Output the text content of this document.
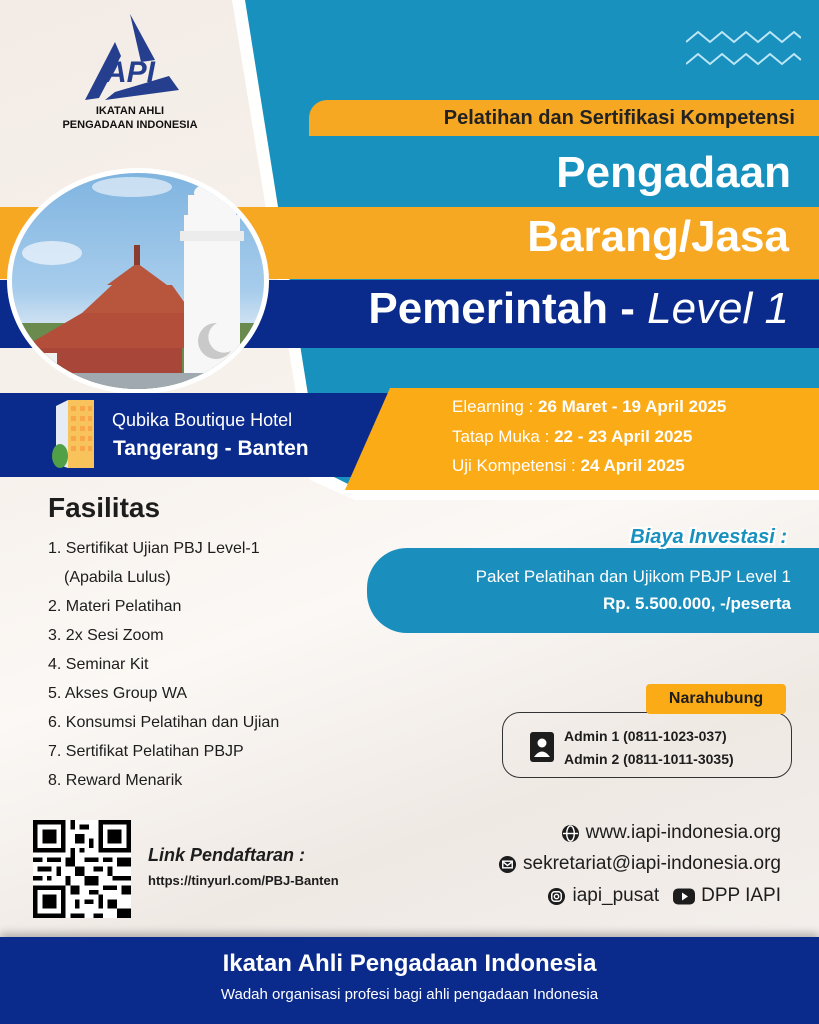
API
IKATAN AHLI
PENGADAAN INDONESIA	Pelatihan dan Sertifikasi Kompetensi
Pengadaan
Barang/Jasa
Pemerintah - Level 1
Qubika Boutique Hotel
Tangerang - Banten
Elearning : 26 Maret - 19 April 2025
Tatap Muka : 22 - 23 April 2025
Uji Kompetensi : 24 April 2025
Fasilitas
1. Sertifikat Ujian PBJ Level-1
(Apabila Lulus)
2. Materi Pelatihan
3. 2x Sesi Zoom
4. Seminar Kit
5. Akses Group WA
6. Konsumsi Pelatihan dan Ujian
7. Sertifikat Pelatihan PBJP
8. Reward Menarik
Biaya Investasi :
Paket Pelatihan dan Ujikom PBJP Level 1
Rp. 5.500.000, -/peserta
Narahubung
Admin 1 (0811-1023-037)
Admin 2 (0811-1011-3035)
Link Pendaftaran :
https://tinyurl.com/PBJ-Banten
www.iapi-indonesia.org
sekretariat@iapi-indonesia.org
iapi_pusat DPP IAPI
Ikatan Ahli Pengadaan Indonesia
Wadah organisasi profesi bagi ahli pengadaan Indonesia
